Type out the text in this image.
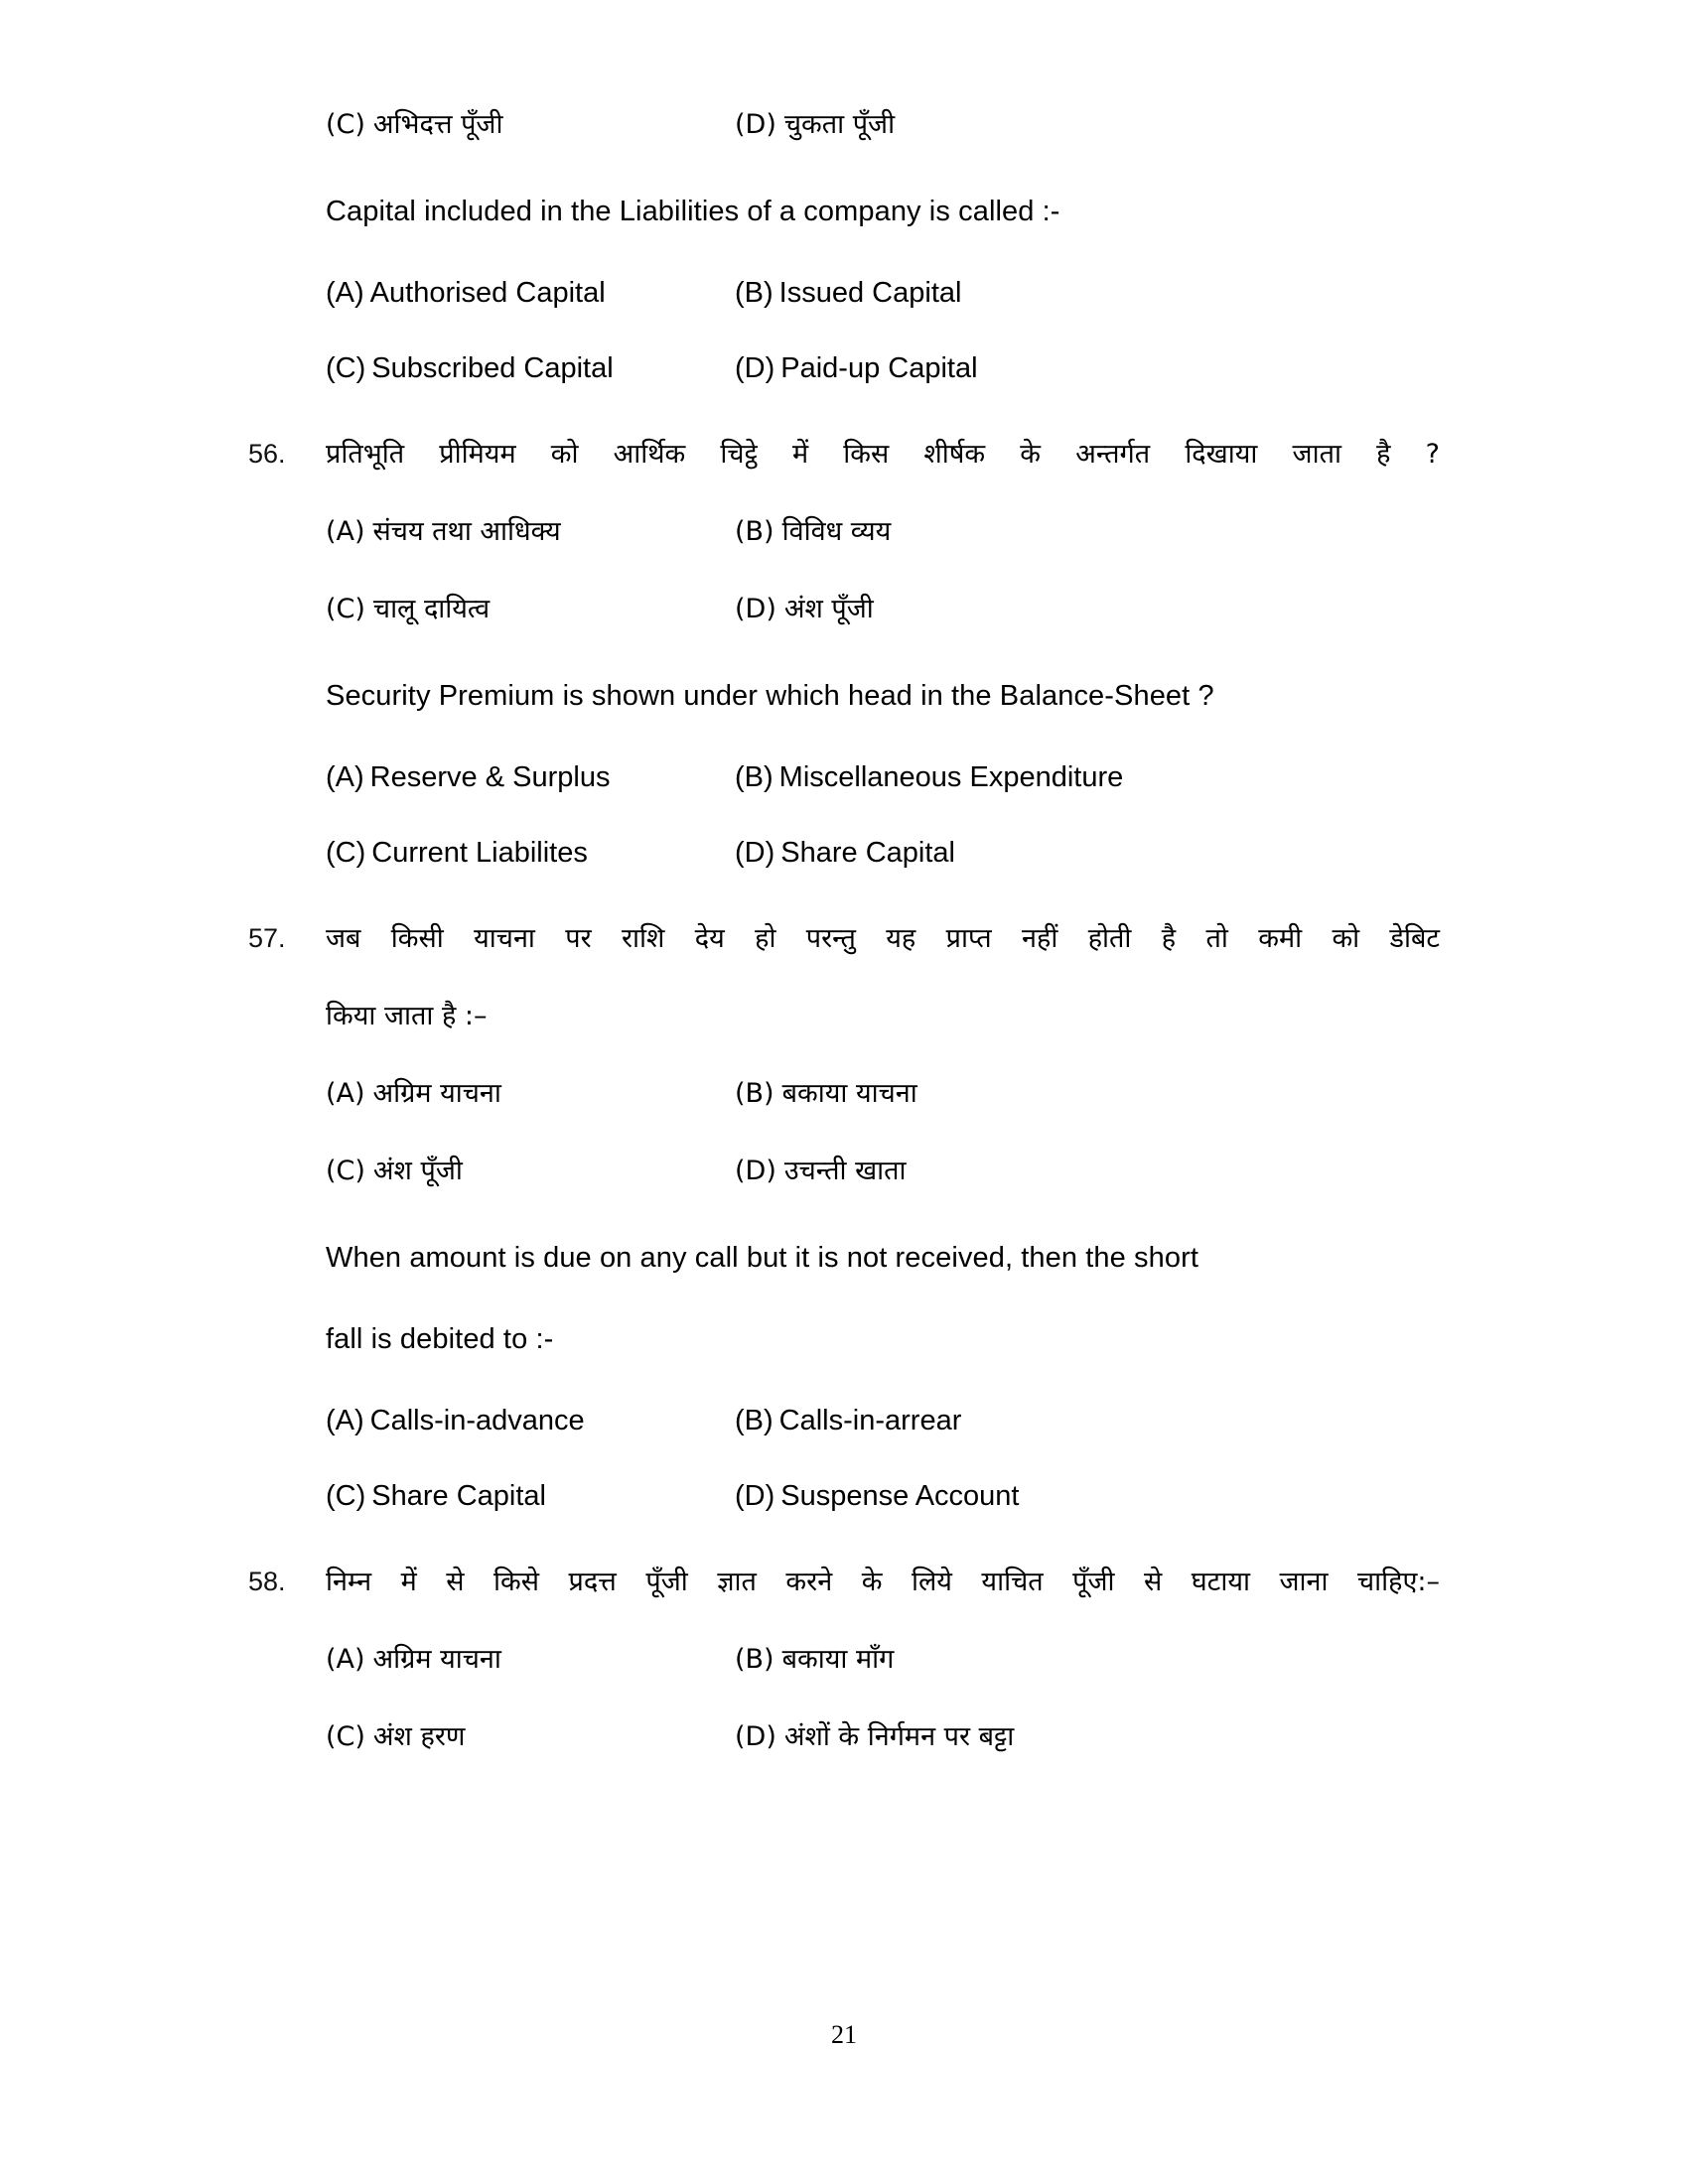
(C) अभिदत्त पूँजी	(D) चुकता पूँजी
Capital included in the Liabilities of a company is called :-
(A) Authorised Capital	(B) Issued Capital
(C) Subscribed Capital	(D) Paid-up Capital
56.	प्रतिभूति प्रीमियम को आर्थिक चिट्ठे में किस शीर्षक के अन्तर्गत दिखाया जाता है ?
(A) संचय तथा आधिक्य	(B) विविध व्यय
(C) चालू दायित्व	(D) अंश पूँजी
Security Premium is shown under which head in the Balance-Sheet ?
(A) Reserve & Surplus	(B) Miscellaneous Expenditure
(C) Current Liabilites	(D) Share Capital
57.	जब किसी याचना पर राशि देय हो परन्तु यह प्राप्त नहीं होती है तो कमी को डेबिट
किया जाता है :–
(A) अग्रिम याचना	(B) बकाया याचना
(C) अंश पूँजी	(D) उचन्ती खाता
When amount is due on any call but it is not received, then the short
fall is debited to :-
(A) Calls-in-advance	(B) Calls-in-arrear
(C) Share Capital	(D) Suspense Account
58.	निम्न में से किसे प्रदत्त पूँजी ज्ञात करने के लिये याचित पूँजी से घटाया जाना चाहिए:–
(A) अग्रिम याचना	(B) बकाया माँग
(C) अंश हरण	(D) अंशों के निर्गमन पर बट्टा
21
